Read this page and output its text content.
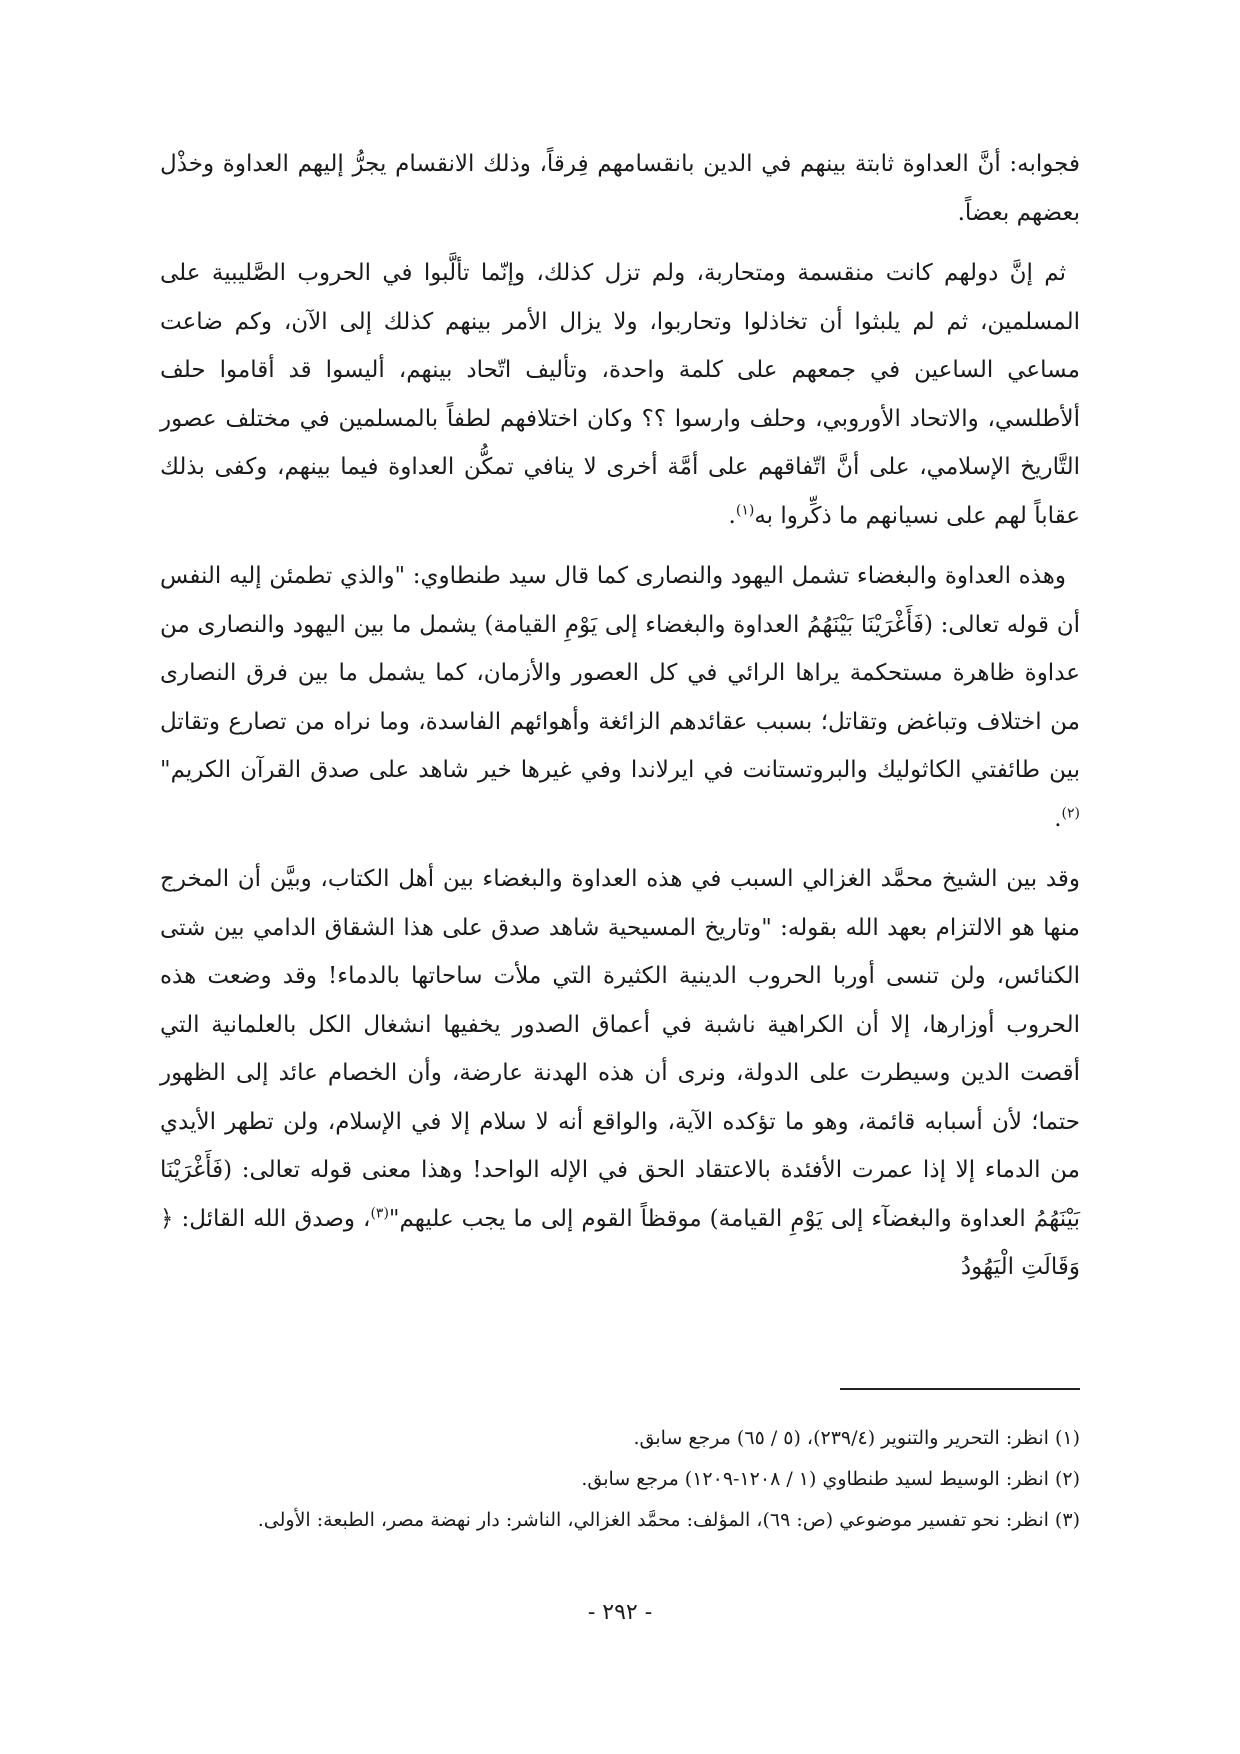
فجوابه: أنَّ العداوة ثابتة بينهم في الدين بانقسامهم فِرقاً، وذلك الانقسام يجرُّ إليهم العداوة وخذْل بعضهم بعضاً.

ثم إنَّ دولهم كانت منقسمة ومتحاربة، ولم تزل كذلك، وإنّما تألَّبوا في الحروب الصَّليبية على المسلمين، ثم لم يلبثوا أن تخاذلوا وتحاربوا، ولا يزال الأمر بينهم كذلك إلى الآن، وكم ضاعت مساعي الساعين في جمعهم على كلمة واحدة، وتأليف اتّحاد بينهم، أليسوا قد أقاموا حلف ألأطلسي، والاتحاد الأوروبي، وحلف وارسوا ؟؟ وكان اختلافهم لطفاً بالمسلمين في مختلف عصور التَّاريخ الإسلامي، على أنَّ اتّفاقهم على أمَّة أخرى لا ينافي تمكُّن العداوة فيما بينهم، وكفى بذلك عقاباً لهم على نسيانهم ما ذكِّروا به$^{(١)}$.

وهذه العداوة والبغضاء تشمل اليهود والنصارى كما قال سيد طنطاوي: "والذي تطمئن إليه النفس أن قوله تعالى: (فَأَغْرَيْنَا بَيْنَهُمُ العداوة والبغضاء إلى يَوْمِ القيامة) يشمل ما بين اليهود والنصارى من عداوة ظاهرة مستحكمة يراها الرائي في كل العصور والأزمان، كما يشمل ما بين فرق النصارى من اختلاف وتباغض وتقاتل؛ بسبب عقائدهم الزائغة وأهوائهم الفاسدة، وما نراه من تصارع وتقاتل بين طائفتي الكاثوليك والبروتستانت في ايرلاندا وفي غيرها خير شاهد على صدق القرآن الكريم"$^{(٢)}$.

وقد بين الشيخ محمَّد الغزالي السبب في هذه العداوة والبغضاء بين أهل الكتاب، وبيَّن أن المخرج منها هو الالتزام بعهد الله بقوله: "وتاريخ المسيحية شاهد صدق على هذا الشقاق الدامي بين شتى الكنائس، ولن تنسى أوربا الحروب الدينية الكثيرة التي ملأت ساحاتها بالدماء! وقد وضعت هذه الحروب أوزارها، إلا أن الكراهية ناشبة في أعماق الصدور يخفيها انشغال الكل بالعلمانية التي أقصت الدين وسيطرت على الدولة، ونرى أن هذه الهدنة عارضة، وأن الخصام عائد إلى الظهور حتما؛ لأن أسبابه قائمة، وهو ما تؤكده الآية، والواقع أنه لا سلام إلا في الإسلام، ولن تطهر الأيدي من الدماء إلا إذا عمرت الأفئدة بالاعتقاد الحق في الإله الواحد! وهذا معنى قوله تعالى: (فَأَغْرَيْنَا بَيْنَهُمُ العداوة والبغضآء إلى يَوْمِ القيامة) موقظاً القوم إلى ما يجب عليهم"$^{(٣)}$، وصدق الله القائل: ﴿ وَقَالَتِ الْيَهُودُ

(١) انظر: التحرير والتنوير (٢٣٩/٤)، (٥ / ٦٥) مرجع سابق.
(٢) انظر: الوسيط لسيد طنطاوي (١ / ١٢٠٨-١٢٠٩) مرجع سابق.
(٣) انظر: نحو تفسير موضوعي (ص: ٦٩)، المؤلف: محمَّد الغزالي، الناشر: دار نهضة مصر، الطبعة: الأولى.
- ٢٩٢ -
